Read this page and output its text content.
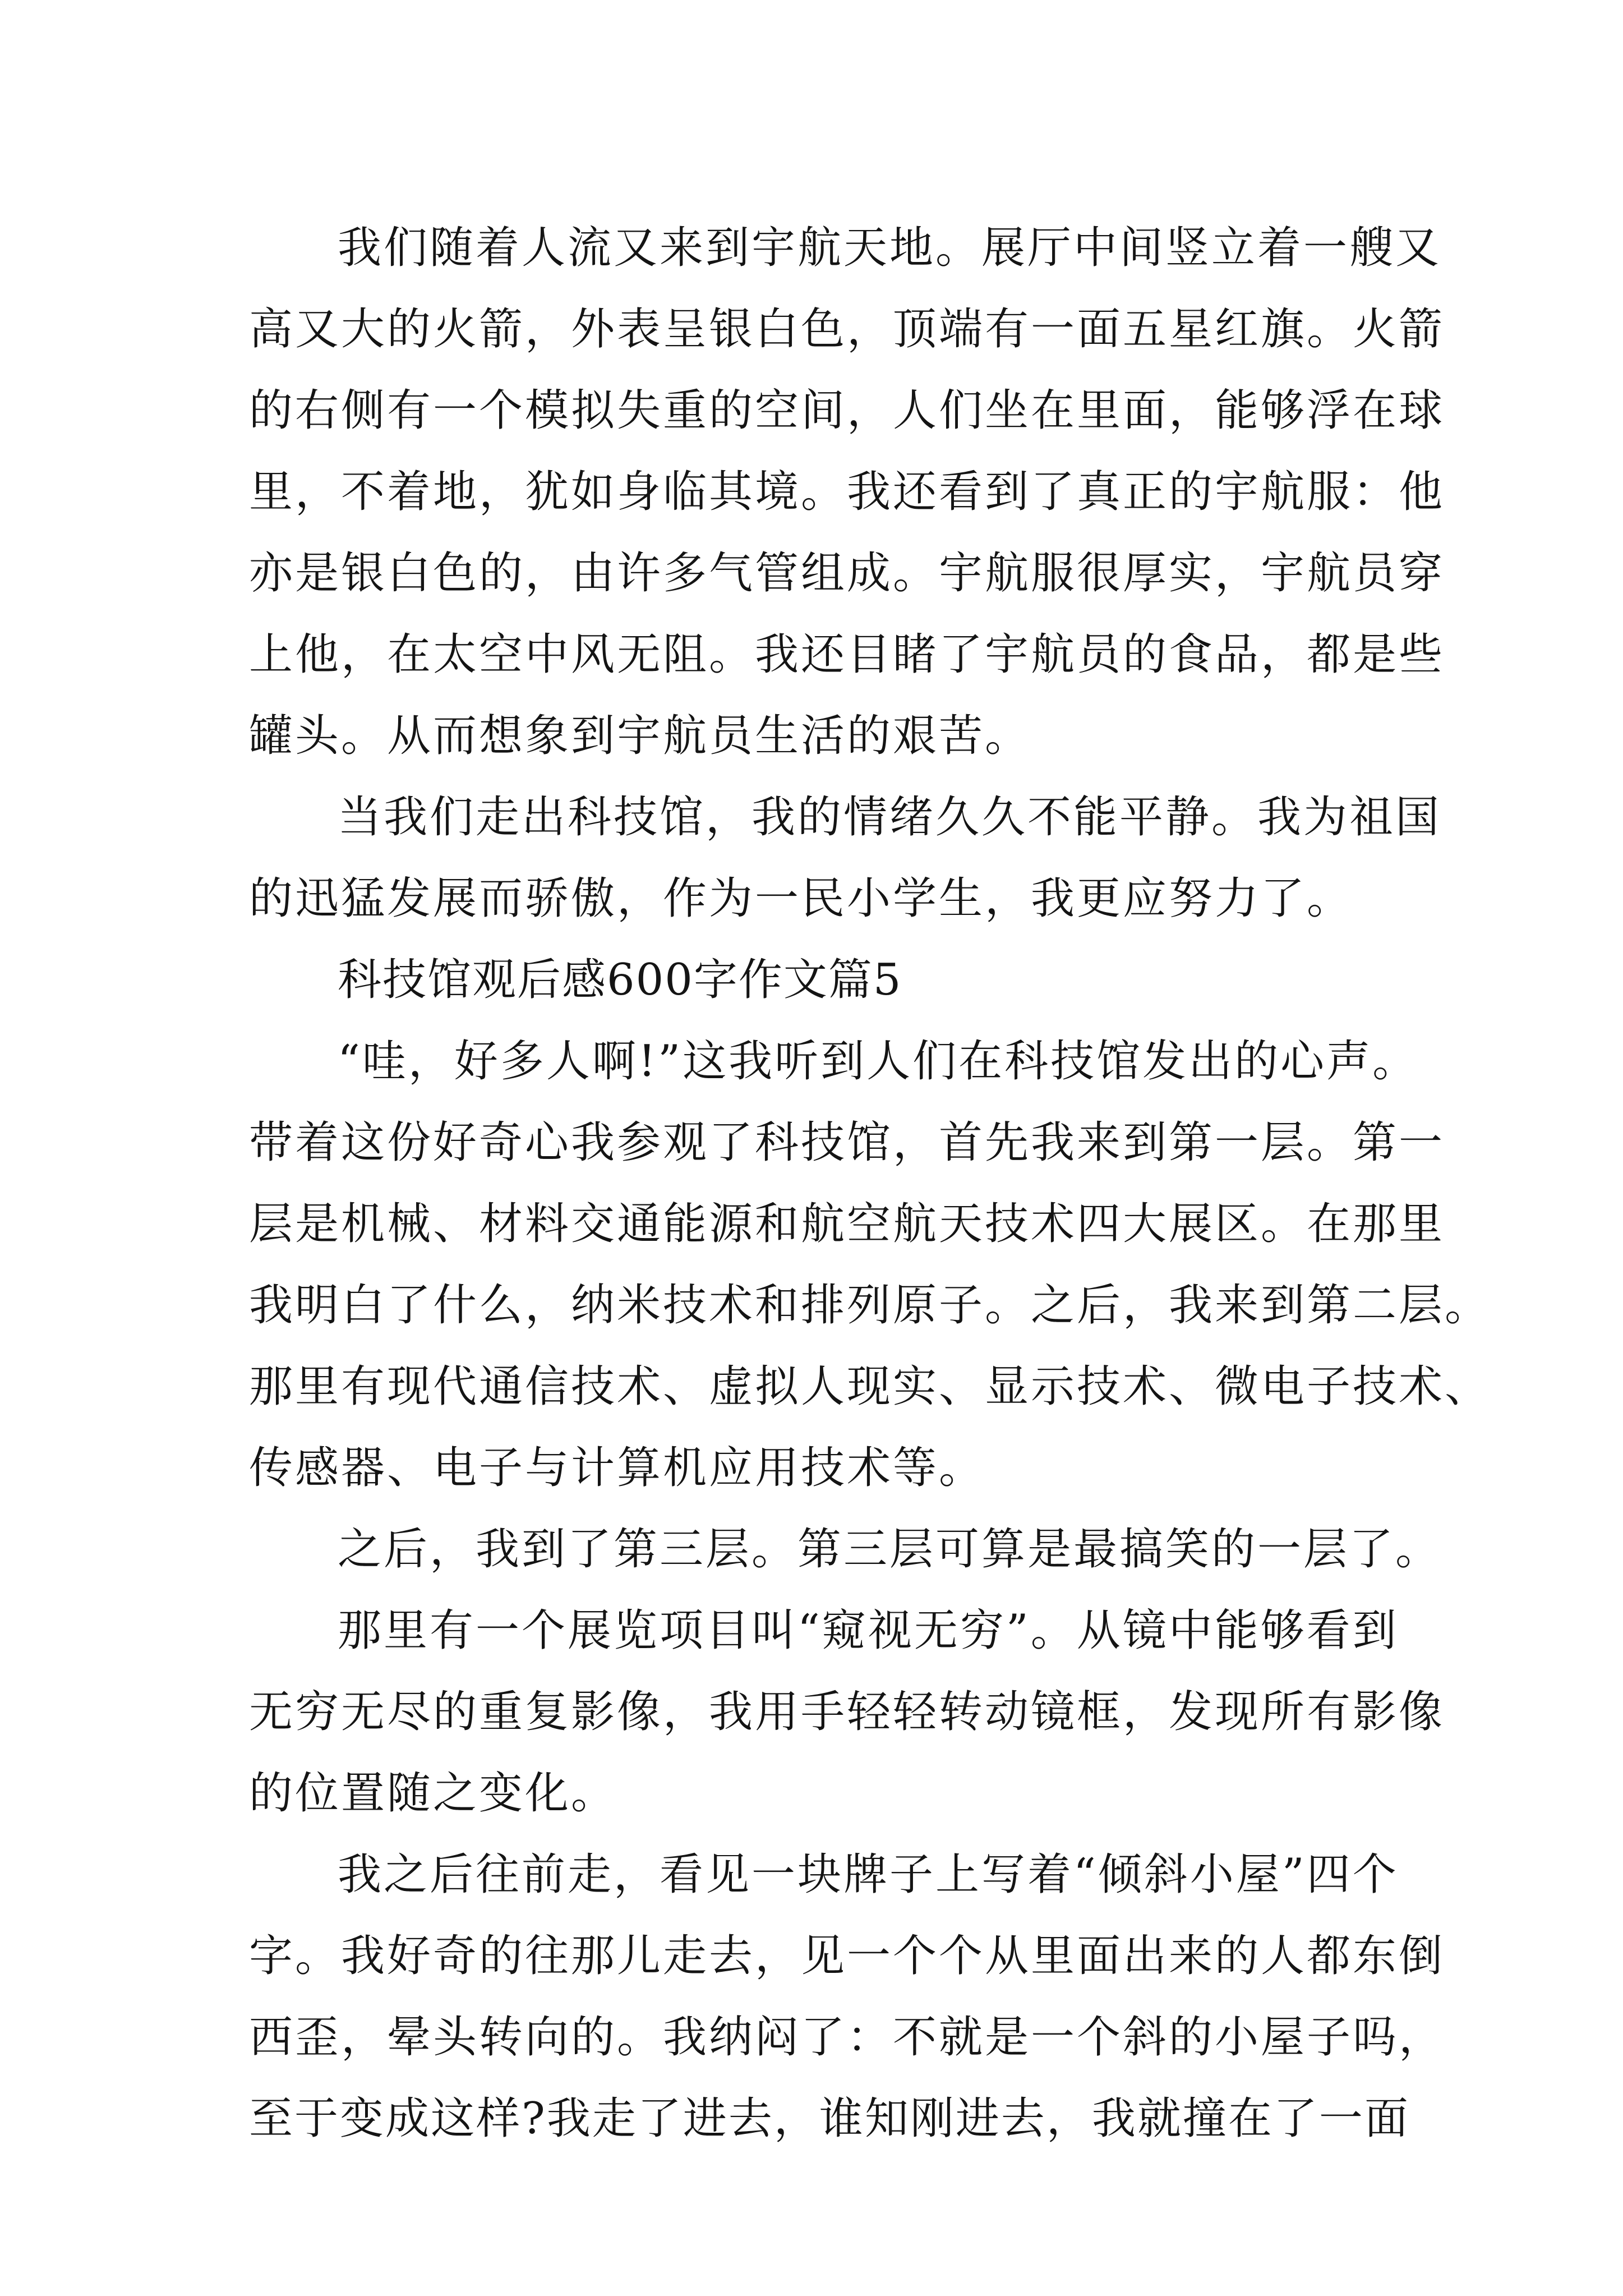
我们随着人流又来到宇航天地。展厅中间竖立着一艘又
高又大的火箭，外表呈银白色，顶端有一面五星红旗。火箭
的右侧有一个模拟失重的空间，人们坐在里面，能够浮在球
里，不着地，犹如身临其境。我还看到了真正的宇航服：他
亦是银白色的，由许多气管组成。宇航服很厚实，宇航员穿
上他，在太空中风无阻。我还目睹了宇航员的食品，都是些
罐头。从而想象到宇航员生活的艰苦。
当我们走出科技馆，我的情绪久久不能平静。我为祖国
的迅猛发展而骄傲，作为一民小学生，我更应努力了。
科技馆观后感600字作文篇5
“哇，好多人啊!”这我听到人们在科技馆发出的心声。
带着这份好奇心我参观了科技馆，首先我来到第一层。第一
层是机械、材料交通能源和航空航天技术四大展区。在那里
我明白了什么，纳米技术和排列原子。之后，我来到第二层。
那里有现代通信技术、虚拟人现实、显示技术、微电子技术、
传感器、电子与计算机应用技术等。
之后，我到了第三层。第三层可算是最搞笑的一层了。
那里有一个展览项目叫“窥视无穷”。从镜中能够看到
无穷无尽的重复影像，我用手轻轻转动镜框，发现所有影像
的位置随之变化。
我之后往前走，看见一块牌子上写着“倾斜小屋”四个
字。我好奇的往那儿走去，见一个个从里面出来的人都东倒
西歪，晕头转向的。我纳闷了：不就是一个斜的小屋子吗，
至于变成这样?我走了进去，谁知刚进去，我就撞在了一面
